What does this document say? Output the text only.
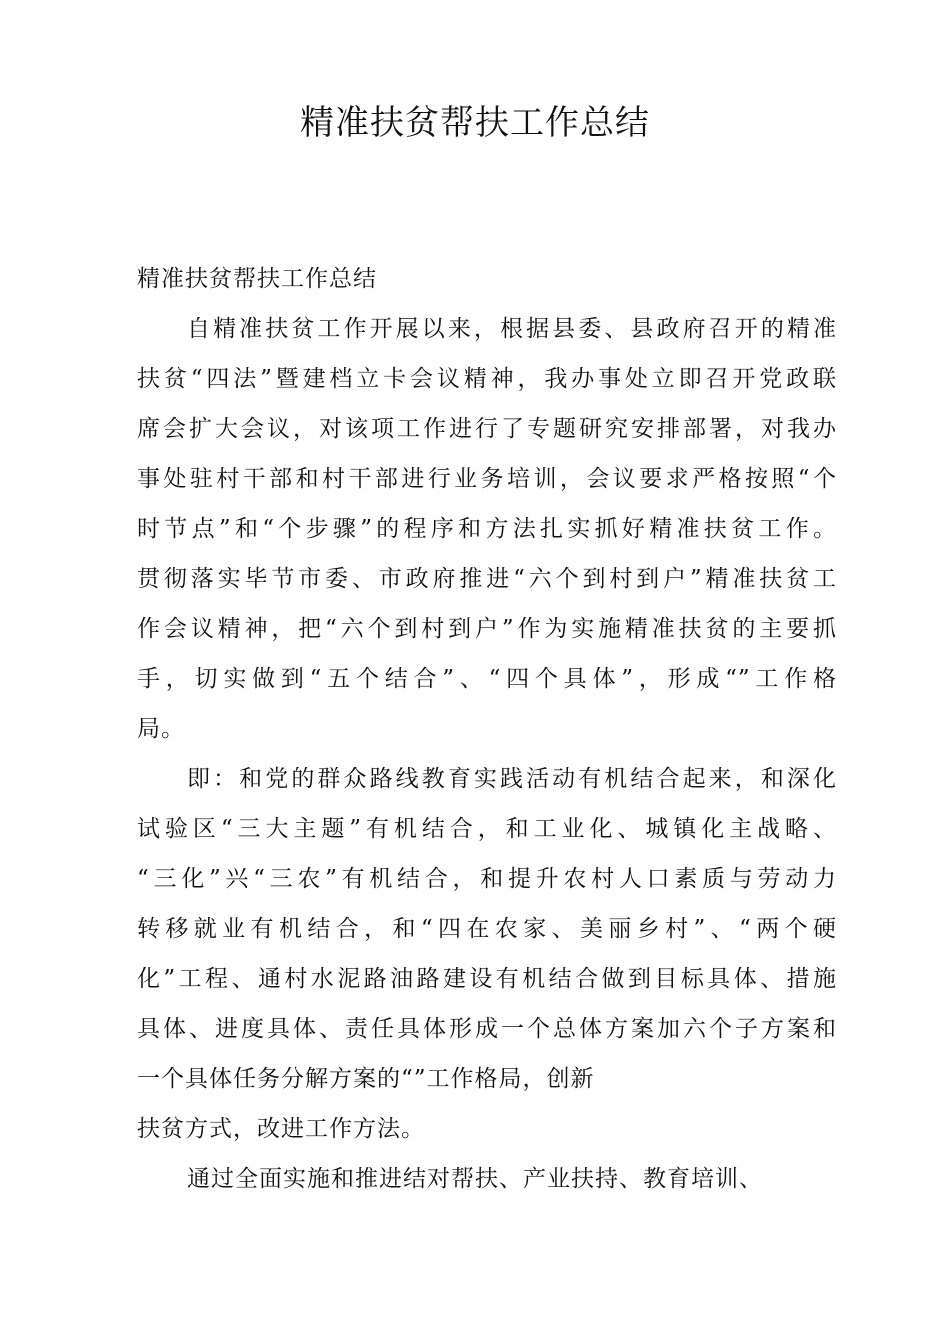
精准扶贫帮扶工作总结
精准扶贫帮扶工作总结
自精准扶贫工作开展以来，根据县委、县政府召开的精准
扶贫“四法”暨建档立卡会议精神，我办事处立即召开党政联
席会扩大会议，对该项工作进行了专题研究安排部署，对我办
事处驻村干部和村干部进行业务培训，会议要求严格按照“个
时节点”和“个步骤”的程序和方法扎实抓好精准扶贫工作。
贯彻落实毕节市委、市政府推进“六个到村到户”精准扶贫工
作会议精神，把“六个到村到户”作为实施精准扶贫的主要抓
手，切实做到“五个结合”、“四个具体”，形成“”工作格
局。
即：和党的群众路线教育实践活动有机结合起来，和深化
试验区“三大主题”有机结合，和工业化、城镇化主战略、
“三化”兴“三农”有机结合，和提升农村人口素质与劳动力
转移就业有机结合，和“四在农家、美丽乡村”、“两个硬
化”工程、通村水泥路油路建设有机结合做到目标具体、措施
具体、进度具体、责任具体形成一个总体方案加六个子方案和
一个具体任务分解方案的“”工作格局，创新
扶贫方式，改进工作方法。
通过全面实施和推进结对帮扶、产业扶持、教育培训、
